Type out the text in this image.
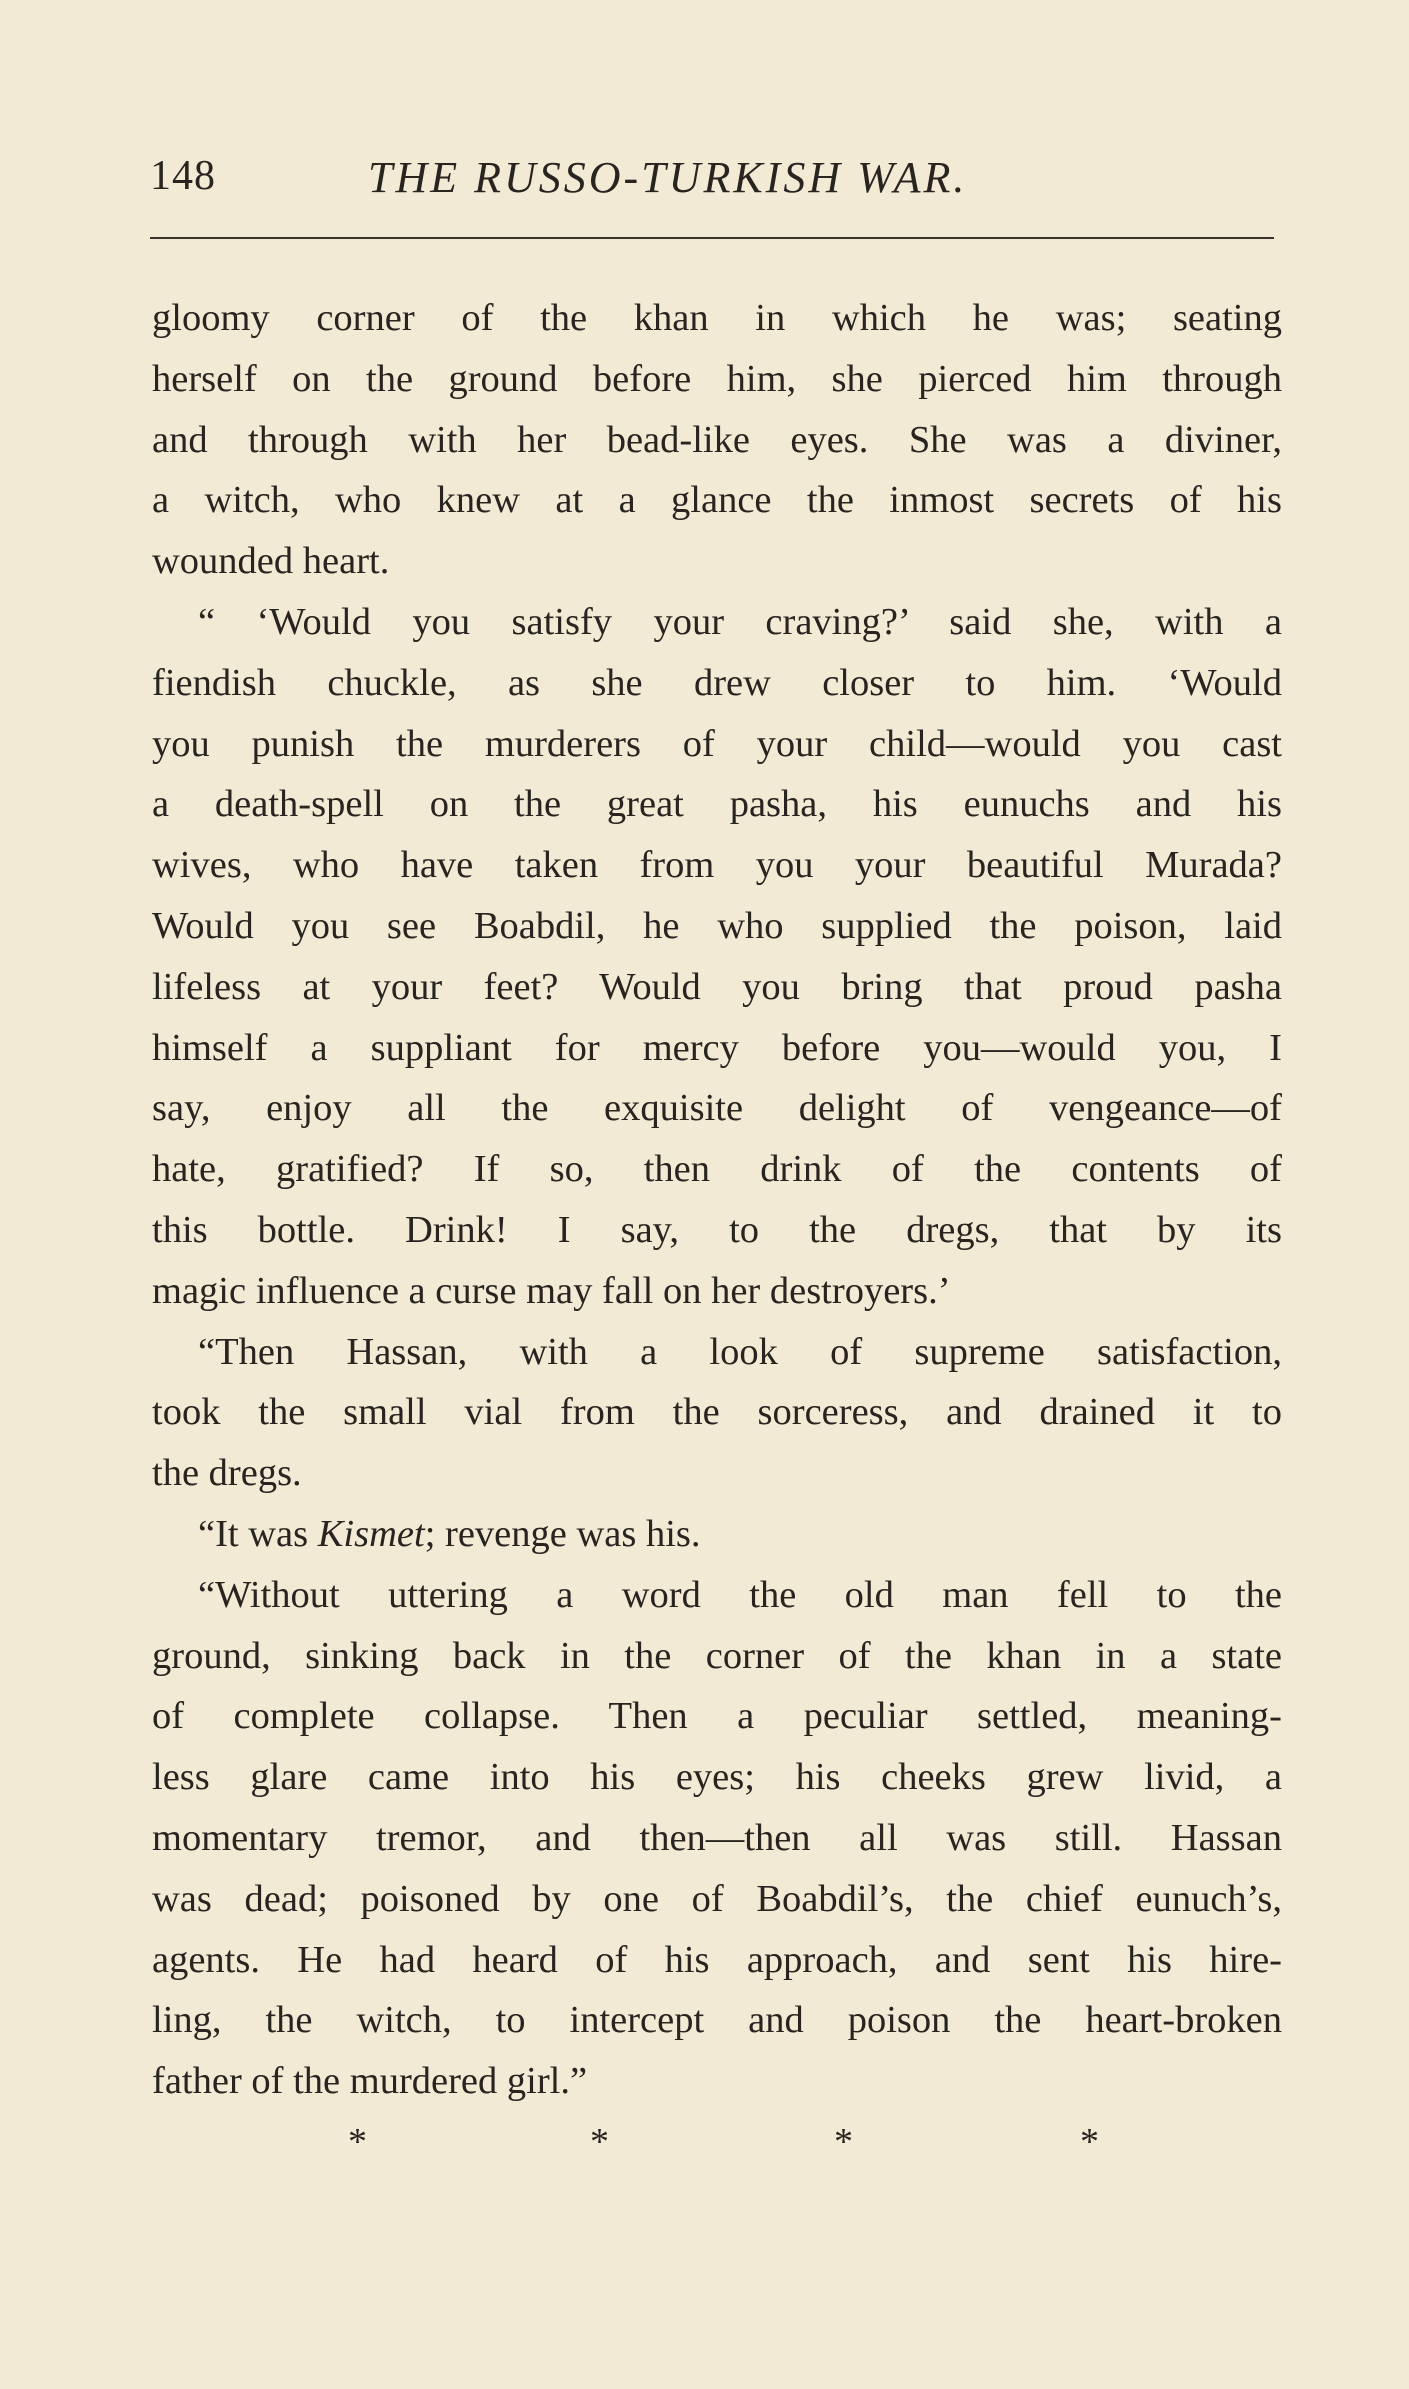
148	THE RUSSO-TURKISH WAR.
gloomy corner of the khan in which he was; seating
herself on the ground before him, she pierced him through
and through with her bead-like eyes. She was a diviner,
a witch, who knew at a glance the inmost secrets of his
wounded heart.
“ ‘Would you satisfy your craving?’ said she, with a
fiendish chuckle, as she drew closer to him. ‘Would
you punish the murderers of your child—would you cast
a death-spell on the great pasha, his eunuchs and his
wives, who have taken from you your beautiful Murada?
Would you see Boabdil, he who supplied the poison, laid
lifeless at your feet? Would you bring that proud pasha
himself a suppliant for mercy before you—would you, I
say, enjoy all the exquisite delight of vengeance—of
hate, gratified? If so, then drink of the contents of
this bottle. Drink! I say, to the dregs, that by its
magic influence a curse may fall on her destroyers.’
“Then Hassan, with a look of supreme satisfaction,
took the small vial from the sorceress, and drained it to
the dregs.
“It was Kismet; revenge was his.
“Without uttering a word the old man fell to the
ground, sinking back in the corner of the khan in a state
of complete collapse. Then a peculiar settled, meaning-
less glare came into his eyes; his cheeks grew livid, a
momentary tremor, and then—then all was still. Hassan
was dead; poisoned by one of Boabdil’s, the chief eunuch’s,
agents. He had heard of his approach, and sent his hire-
ling, the witch, to intercept and poison the heart-broken
father of the murdered girl.”
*	*	*	*
